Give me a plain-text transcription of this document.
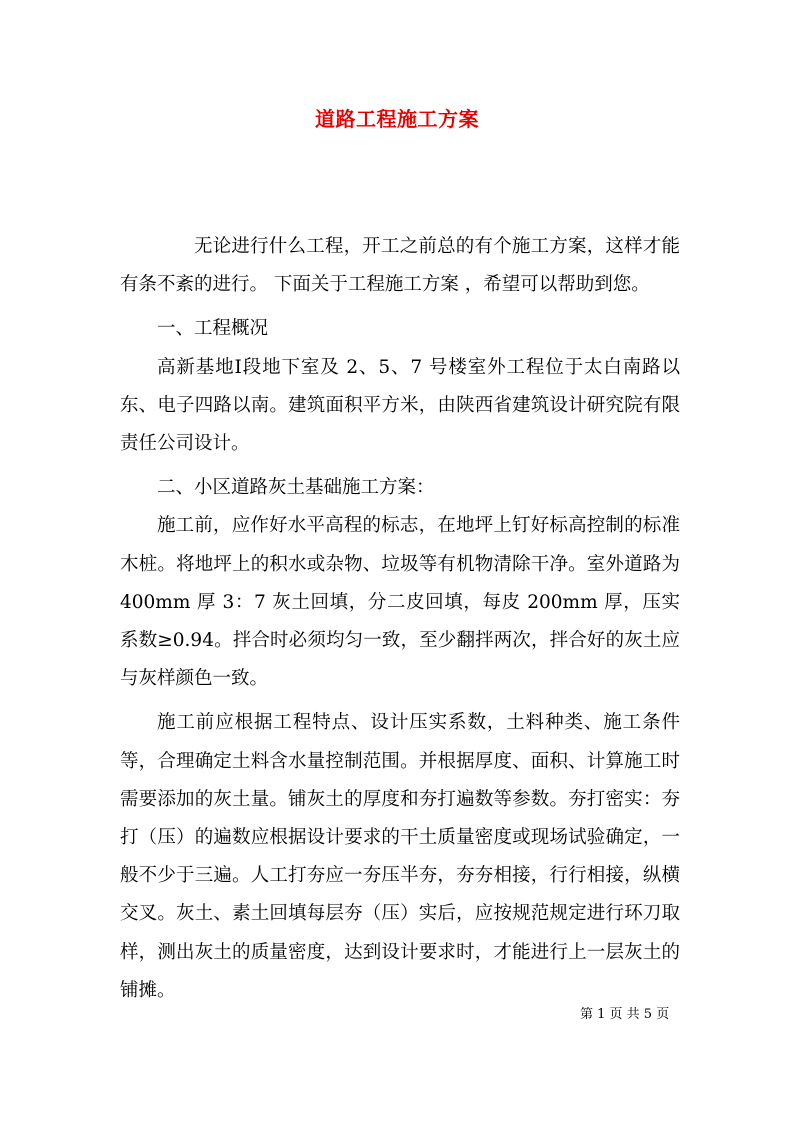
道路工程施工方案

无论进行什么工程，开工之前总的有个施工方案，这样才能有条不紊的进行。 下面关于工程施工方案 ，希望可以帮助到您。

一、工程概况

高新基地Ⅰ段地下室及 2、5、7 号楼室外工程位于太白南路以东、电子四路以南。建筑面积平方米，由陕西省建筑设计研究院有限责任公司设计。

二、小区道路灰土基础施工方案：

施工前，应作好水平高程的标志，在地坪上钉好标高控制的标准木桩。将地坪上的积水或杂物、垃圾等有机物清除干净。室外道路为 400mm 厚 3：7 灰土回填，分二皮回填，每皮 200mm 厚，压实系数≥0.94。拌合时必须均匀一致，至少翻拌两次，拌合好的灰土应与灰样颜色一致。

施工前应根据工程特点、设计压实系数，土料种类、施工条件等，合理确定土料含水量控制范围。并根据厚度、面积、计算施工时需要添加的灰土量。铺灰土的厚度和夯打遍数等参数。夯打密实：夯打（压）的遍数应根据设计要求的干土质量密度或现场试验确定，一般不少于三遍。人工打夯应一夯压半夯，夯夯相接，行行相接，纵横交叉。灰土、素土回填每层夯（压）实后，应按规范规定进行环刀取样，测出灰土的质量密度，达到设计要求时，才能进行上一层灰土的铺摊。

第 1 页 共 5 页
